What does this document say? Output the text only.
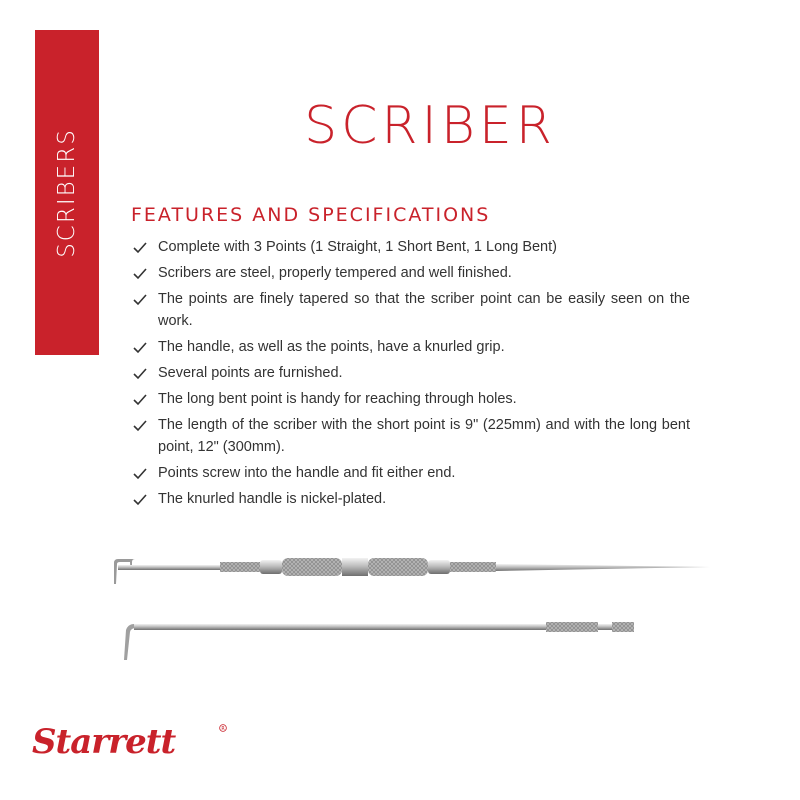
SCRIBERS
SCRIBER
FEATURES AND SPECIFICATIONS
Complete with 3 Points (1 Straight, 1 Short Bent, 1 Long Bent)
Scribers are steel, properly tempered and well finished.
The points are finely tapered so that the scriber point can be easily seen on the work.
The handle, as well as the points, have a knurled grip.
Several points are furnished.
The long bent point is handy for reaching through holes.
The length of the scriber with the short point is 9" (225mm) and with the long bent point, 12" (300mm).
Points screw into the handle and fit either end.
The knurled handle is nickel-plated.
Starrett	R
